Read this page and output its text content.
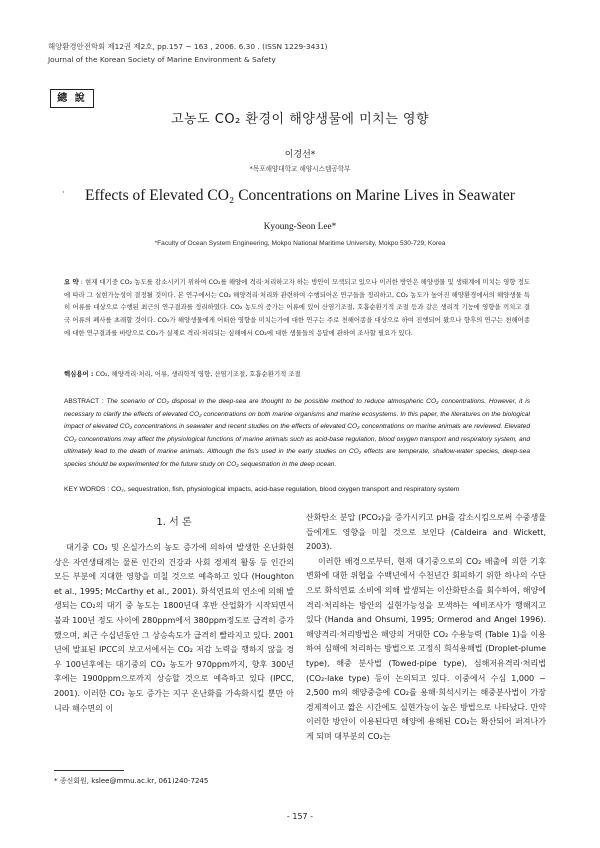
해양환경안전학회 제12권 제2호, pp.157 ~ 163 , 2006. 6.30 . (ISSN 1229-3431)
Journal of the Korean Society of Marine Environment & Safety
總 說
고농도 CO₂ 환경이 해양생물에 미치는 영향
이경선*
*목포해양대학교 해양시스템공학부
·	Effects of Elevated CO₂ Concentrations on Marine Lives in Seawater
Kyoung-Seon Lee*
*Faculty of Ocean System Engineering, Mokpo National Maritime University, Mokpo 530-729, Korea
요 약 : 현재 대기중 CO₂ 농도를 감소시키기 위하여 CO₂를 해양에 격리·처리하고자 하는 방안이 모색되고 있으나 이러한 방안은 해양생물 및 생태계에 미치는 영향 정도에 따라 그 실현가능성이 결정될 것이다. 본 연구에서는 CO₂ 해양격리·처리와 관련하여 수행되어온 연구들을 정리하고, CO₂ 농도가 높아진 해양환경에서의 해양생물 특히 어류를 대상으로 수행된 최근의 연구결과를 정리하였다. CO₂ 농도의 증가는 어류에 있어 산염기조절, 호흡순환기적 조절 등과 같은 생리적 기능에 영향을 끼치고 결국 어류의 폐사를 초래할 것이다. CO₂가 해양생물에게 어떠한 영향을 미치는가에 대한 연구는 주로 천해어종을 대상으로 하여 진행되어 왔으나 향후의 연구는 천해어종에 대한 연구결과를 바탕으로 CO₂가 실제로 격리·처리되는 심해에서 CO₂에 대한 생물들의 응답에 관하여 조사할 필요가 있다.
핵심용어 : CO₂, 해양격리·처리, 어류, 생리학적 영향, 산염기조절, 호흡순환기적 조절
ABSTRACT : The scenario of CO₂ disposal in the deep-sea are thought to be possible method to reduce atmospheric CO₂ concentrations. However, it is necessary to clarify the effects of elevated CO₂ concentrations on both marine organisms and marine ecosystems. In this paper, the literatures on the biological impact of elevated CO₂ concentrations in seawater and recent studies on the effects of elevated CO₂ concentrations on marine animals are reviewed. Elevated CO₂ concentrations may affect the physiological functions of marine animals such as acid-base regulation, blood oxygen transport and respiratory system, and ultimately lead to the death of marine animals. Although the fis's used in the early studies on CO₂ effects are temperate, shallow-water species, deep-sea species should be experimented for the future study on CO₂ sequestration in the deep ocean.
KEY WORDS : CO₂, sequestration, fish, physiological impacts, acid-base regulation, blood oxygen transport and respiratory system
1. 서 론

대기중 CO₂ 및 온실가스의 농도 증가에 의하여 발생한 온난화현상은 자연생태계는 물론 인간의 건강과 사회 경제적 활동 등 인간의 모든 부분에 지대한 영향을 미칠 것으로 예측하고 있다 (Houghton et al., 1995; McCarthy et al., 2001). 화석연료의 연소에 의해 발생되는 CO₂의 대기 중 농도는 1800년대 후반 산업화가 시작되면서 불과 100년 정도 사이에 280ppm에서 380ppm정도로 급격히 증가했으며, 최근 수십년동안 그 상승속도가 급격히 빨라지고 있다. 2001년에 발표된 IPCC의 보고서에서는 CO₂ 저감 노력을 행하지 않을 경우 100년후에는 대기중의 CO₂ 농도가 970ppm까지, 향후 300년 후에는 1900ppm으로까지 상승할 것으로 예측하고 있다 (IPCC, 2001). 이러한 CO₂ 농도 증가는 지구 온난화를 가속화시킬 뿐만 아니라 해수면의 이

산화탄소 분압 (PCO₂)을 증가시키고 pH를 감소시킴으로써 수중생물들에게도 영향을 미칠 것으로 보인다 (Caldeira and Wickett, 2003).

이러한 배경으로부터, 현재 대기중으로의 CO₂ 배출에 의한 기후변화에 대한 위협을 수백년에서 수천년간 회피하기 위한 하나의 수단으로 화석연료 소비에 의해 발생되는 이산화탄소를 회수하여, 해양에 격리·처리하는 방안의 실현가능성을 모색하는 예비조사가 행해지고 있다 (Handa and Ohsumi, 1995; Ormerod and Angel 1996). 해양격리·처리방법은 해양의 거대한 CO₂ 수용능력 (Table 1)을 이용하여 심해에 처리하는 방법으로 고정식 희석용해법 (Droplet-plume type), 해중 분사법 (Towed-pipe type), 심해저유격리·처리법 (CO₂-lake type) 등이 논의되고 있다. 이중에서 수심 1,000 ~ 2,500 m의 해양중층에 CO₂를 용해·희석시키는 해중분사법이 가장 경제적이고 짧은 시간에도 실현가능이 높은 방법으로 나타났다. 만약 이러한 방안이 이용된다면 해양에 용해된 CO₂는 확산되어 퍼져나가게 되며 대부분의 CO₂는

* 종신회원, kslee@mmu.ac.kr, 061)240-7245
- 157 -
